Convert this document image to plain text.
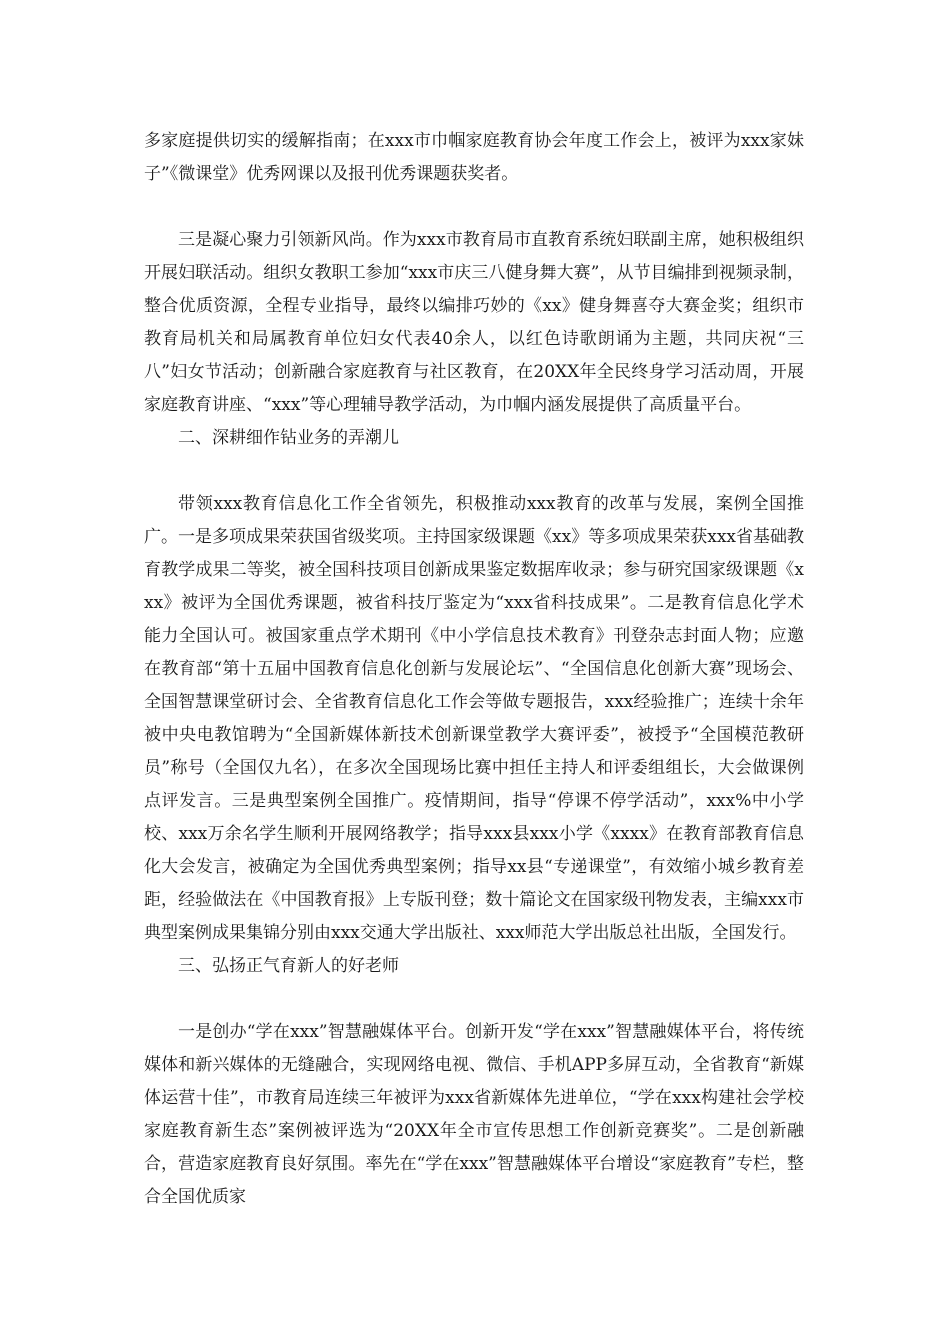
多家庭提供切实的缓解指南；在xxx市巾帼家庭教育协会年度工作会上，被评为xxx家妹子”《微课堂》优秀网课以及报刊优秀课题获奖者。

三是凝心聚力引领新风尚。作为xxx市教育局市直教育系统妇联副主席，她积极组织开展妇联活动。组织女教职工参加“xxx市庆三八健身舞大赛”，从节目编排到视频录制，整合优质资源，全程专业指导，最终以编排巧妙的《xx》健身舞喜夺大赛金奖；组织市教育局机关和局属教育单位妇女代表40余人，以红色诗歌朗诵为主题，共同庆祝“三八”妇女节活动；创新融合家庭教育与社区教育，在20XX年全民终身学习活动周，开展家庭教育讲座、“xxx”等心理辅导教学活动，为巾帼内涵发展提供了高质量平台。

二、深耕细作钻业务的弄潮儿

带领xxx教育信息化工作全省领先，积极推动xxx教育的改革与发展，案例全国推广。一是多项成果荣获国省级奖项。主持国家级课题《xx》等多项成果荣获xxx省基础教育教学成果二等奖，被全国科技项目创新成果鉴定数据库收录；参与研究国家级课题《xxx》被评为全国优秀课题，被省科技厅鉴定为“xxx省科技成果”。二是教育信息化学术能力全国认可。被国家重点学术期刊《中小学信息技术教育》刊登杂志封面人物；应邀在教育部“第十五届中国教育信息化创新与发展论坛”、“全国信息化创新大赛”现场会、全国智慧课堂研讨会、全省教育信息化工作会等做专题报告，xxx经验推广；连续十余年被中央电教馆聘为“全国新媒体新技术创新课堂教学大赛评委”，被授予“全国模范教研员”称号（全国仅九名），在多次全国现场比赛中担任主持人和评委组组长，大会做课例点评发言。三是典型案例全国推广。疫情期间，指导“停课不停学活动”，xxx%中小学校、xxx万余名学生顺利开展网络教学；指导xxx县xxx小学《xxxx》在教育部教育信息化大会发言，被确定为全国优秀典型案例；指导xx县“专递课堂”，有效缩小城乡教育差距，经验做法在《中国教育报》上专版刊登；数十篇论文在国家级刊物发表，主编xxx市典型案例成果集锦分别由xxx交通大学出版社、xxx师范大学出版总社出版，全国发行。

三、弘扬正气育新人的好老师

一是创办“学在xxx”智慧融媒体平台。创新开发“学在xxx”智慧融媒体平台，将传统媒体和新兴媒体的无缝融合，实现网络电视、微信、手机APP多屏互动，全省教育“新媒体运营十佳”，市教育局连续三年被评为xxx省新媒体先进单位，“学在xxx构建社会学校家庭教育新生态”案例被评选为“20XX年全市宣传思想工作创新竞赛奖”。二是创新融合，营造家庭教育良好氛围。率先在“学在xxx”智慧融媒体平台增设“家庭教育”专栏，整合全国优质家
